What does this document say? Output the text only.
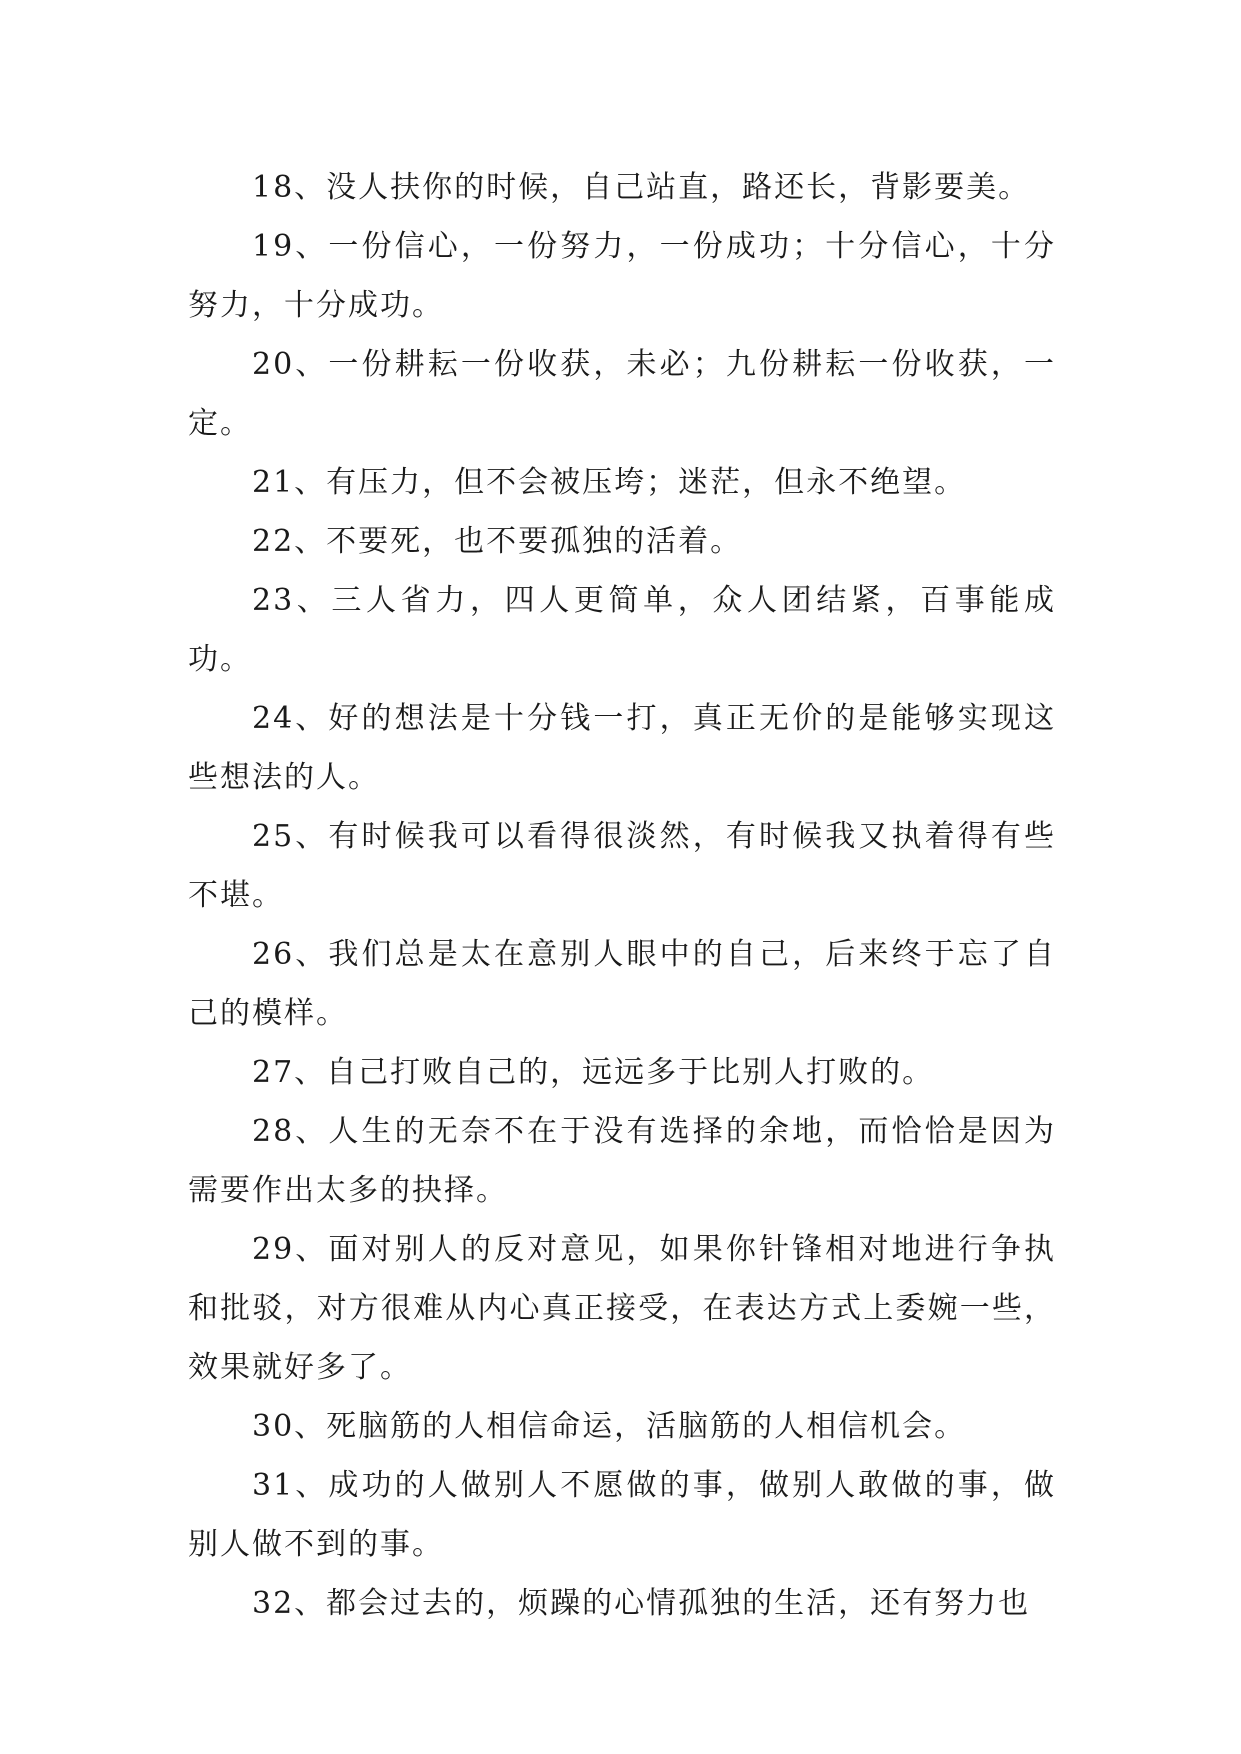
18、没人扶你的时候，自己站直，路还长，背影要美。

19、一份信心，一份努力，一份成功；十分信心，十分努力，十分成功。

20、一份耕耘一份收获，未必；九份耕耘一份收获，一定。

21、有压力，但不会被压垮；迷茫，但永不绝望。

22、不要死，也不要孤独的活着。

23、三人省力，四人更简单，众人团结紧，百事能成功。

24、好的想法是十分钱一打，真正无价的是能够实现这些想法的人。

25、有时候我可以看得很淡然，有时候我又执着得有些不堪。

26、我们总是太在意别人眼中的自己，后来终于忘了自己的模样。

27、自己打败自己的，远远多于比别人打败的。

28、人生的无奈不在于没有选择的余地，而恰恰是因为需要作出太多的抉择。

29、面对别人的反对意见，如果你针锋相对地进行争执和批驳，对方很难从内心真正接受，在表达方式上委婉一些，效果就好多了。

30、死脑筋的人相信命运，活脑筋的人相信机会。

31、成功的人做别人不愿做的事，做别人敢做的事，做别人做不到的事。

32、都会过去的，烦躁的心情孤独的生活，还有努力也
